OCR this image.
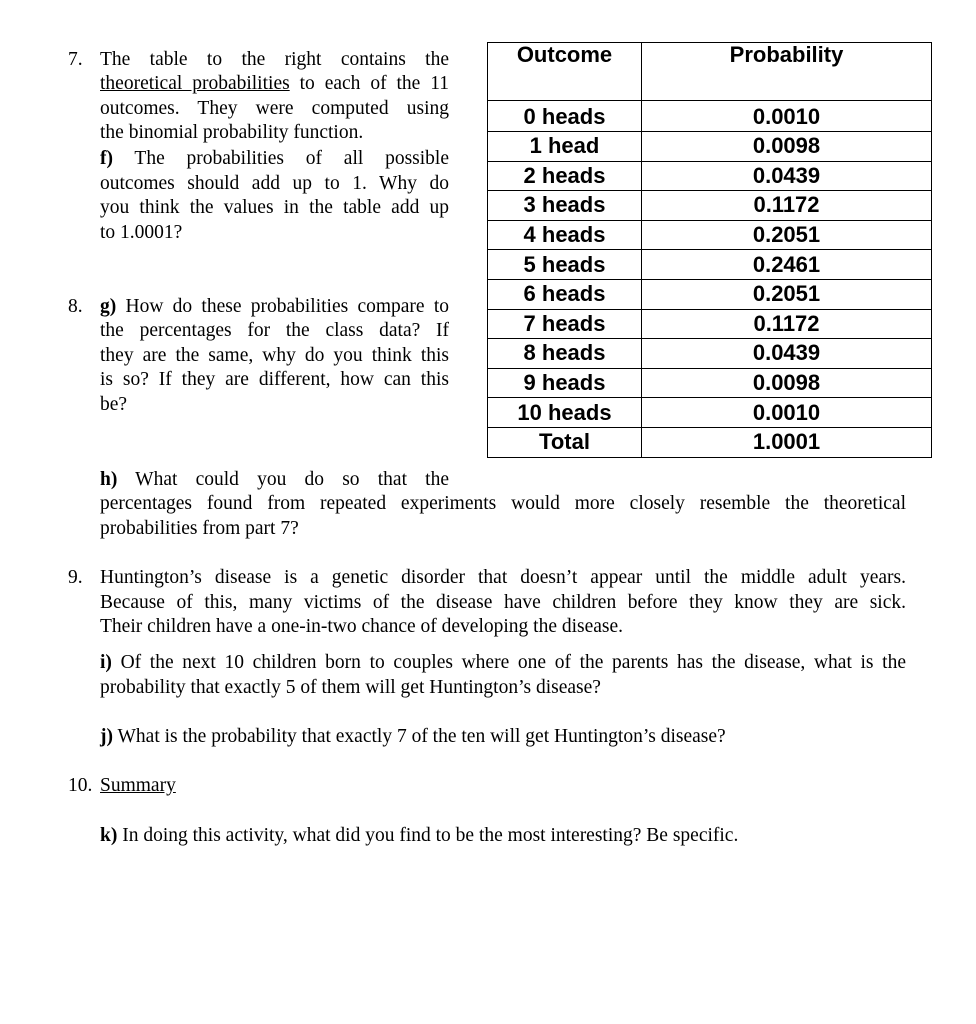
7. The table to the right contains the
theoretical probabilities to each of the 11
outcomes. They were computed using
the binomial probability function.
f) The probabilities of all possible
outcomes should add up to 1. Why do
you think the values in the table add up
to 1.0001?
8. g) How do these probabilities compare to
the percentages for the class data? If
they are the same, why do you think this
is so? If they are different, how can this
be?
h) What could you do so that the
percentages found from repeated experiments would more closely resemble the theoretical
probabilities from part 7?
Outcome	Probability
0 heads	0.0010
1 head	0.0098
2 heads	0.0439
3 heads	0.1172
4 heads	0.2051
5 heads	0.2461
6 heads	0.2051
7 heads	0.1172
8 heads	0.0439
9 heads	0.0098
10 heads	0.0010
Total	1.0001
9. Huntington’s disease is a genetic disorder that doesn’t appear until the middle adult years.
Because of this, many victims of the disease have children before they know they are sick.
Their children have a one-in-two chance of developing the disease.
i) Of the next 10 children born to couples where one of the parents has the disease, what is the
probability that exactly 5 of them will get Huntington’s disease?
j) What is the probability that exactly 7 of the ten will get Huntington’s disease?
10. Summary
k) In doing this activity, what did you find to be the most interesting? Be specific.
